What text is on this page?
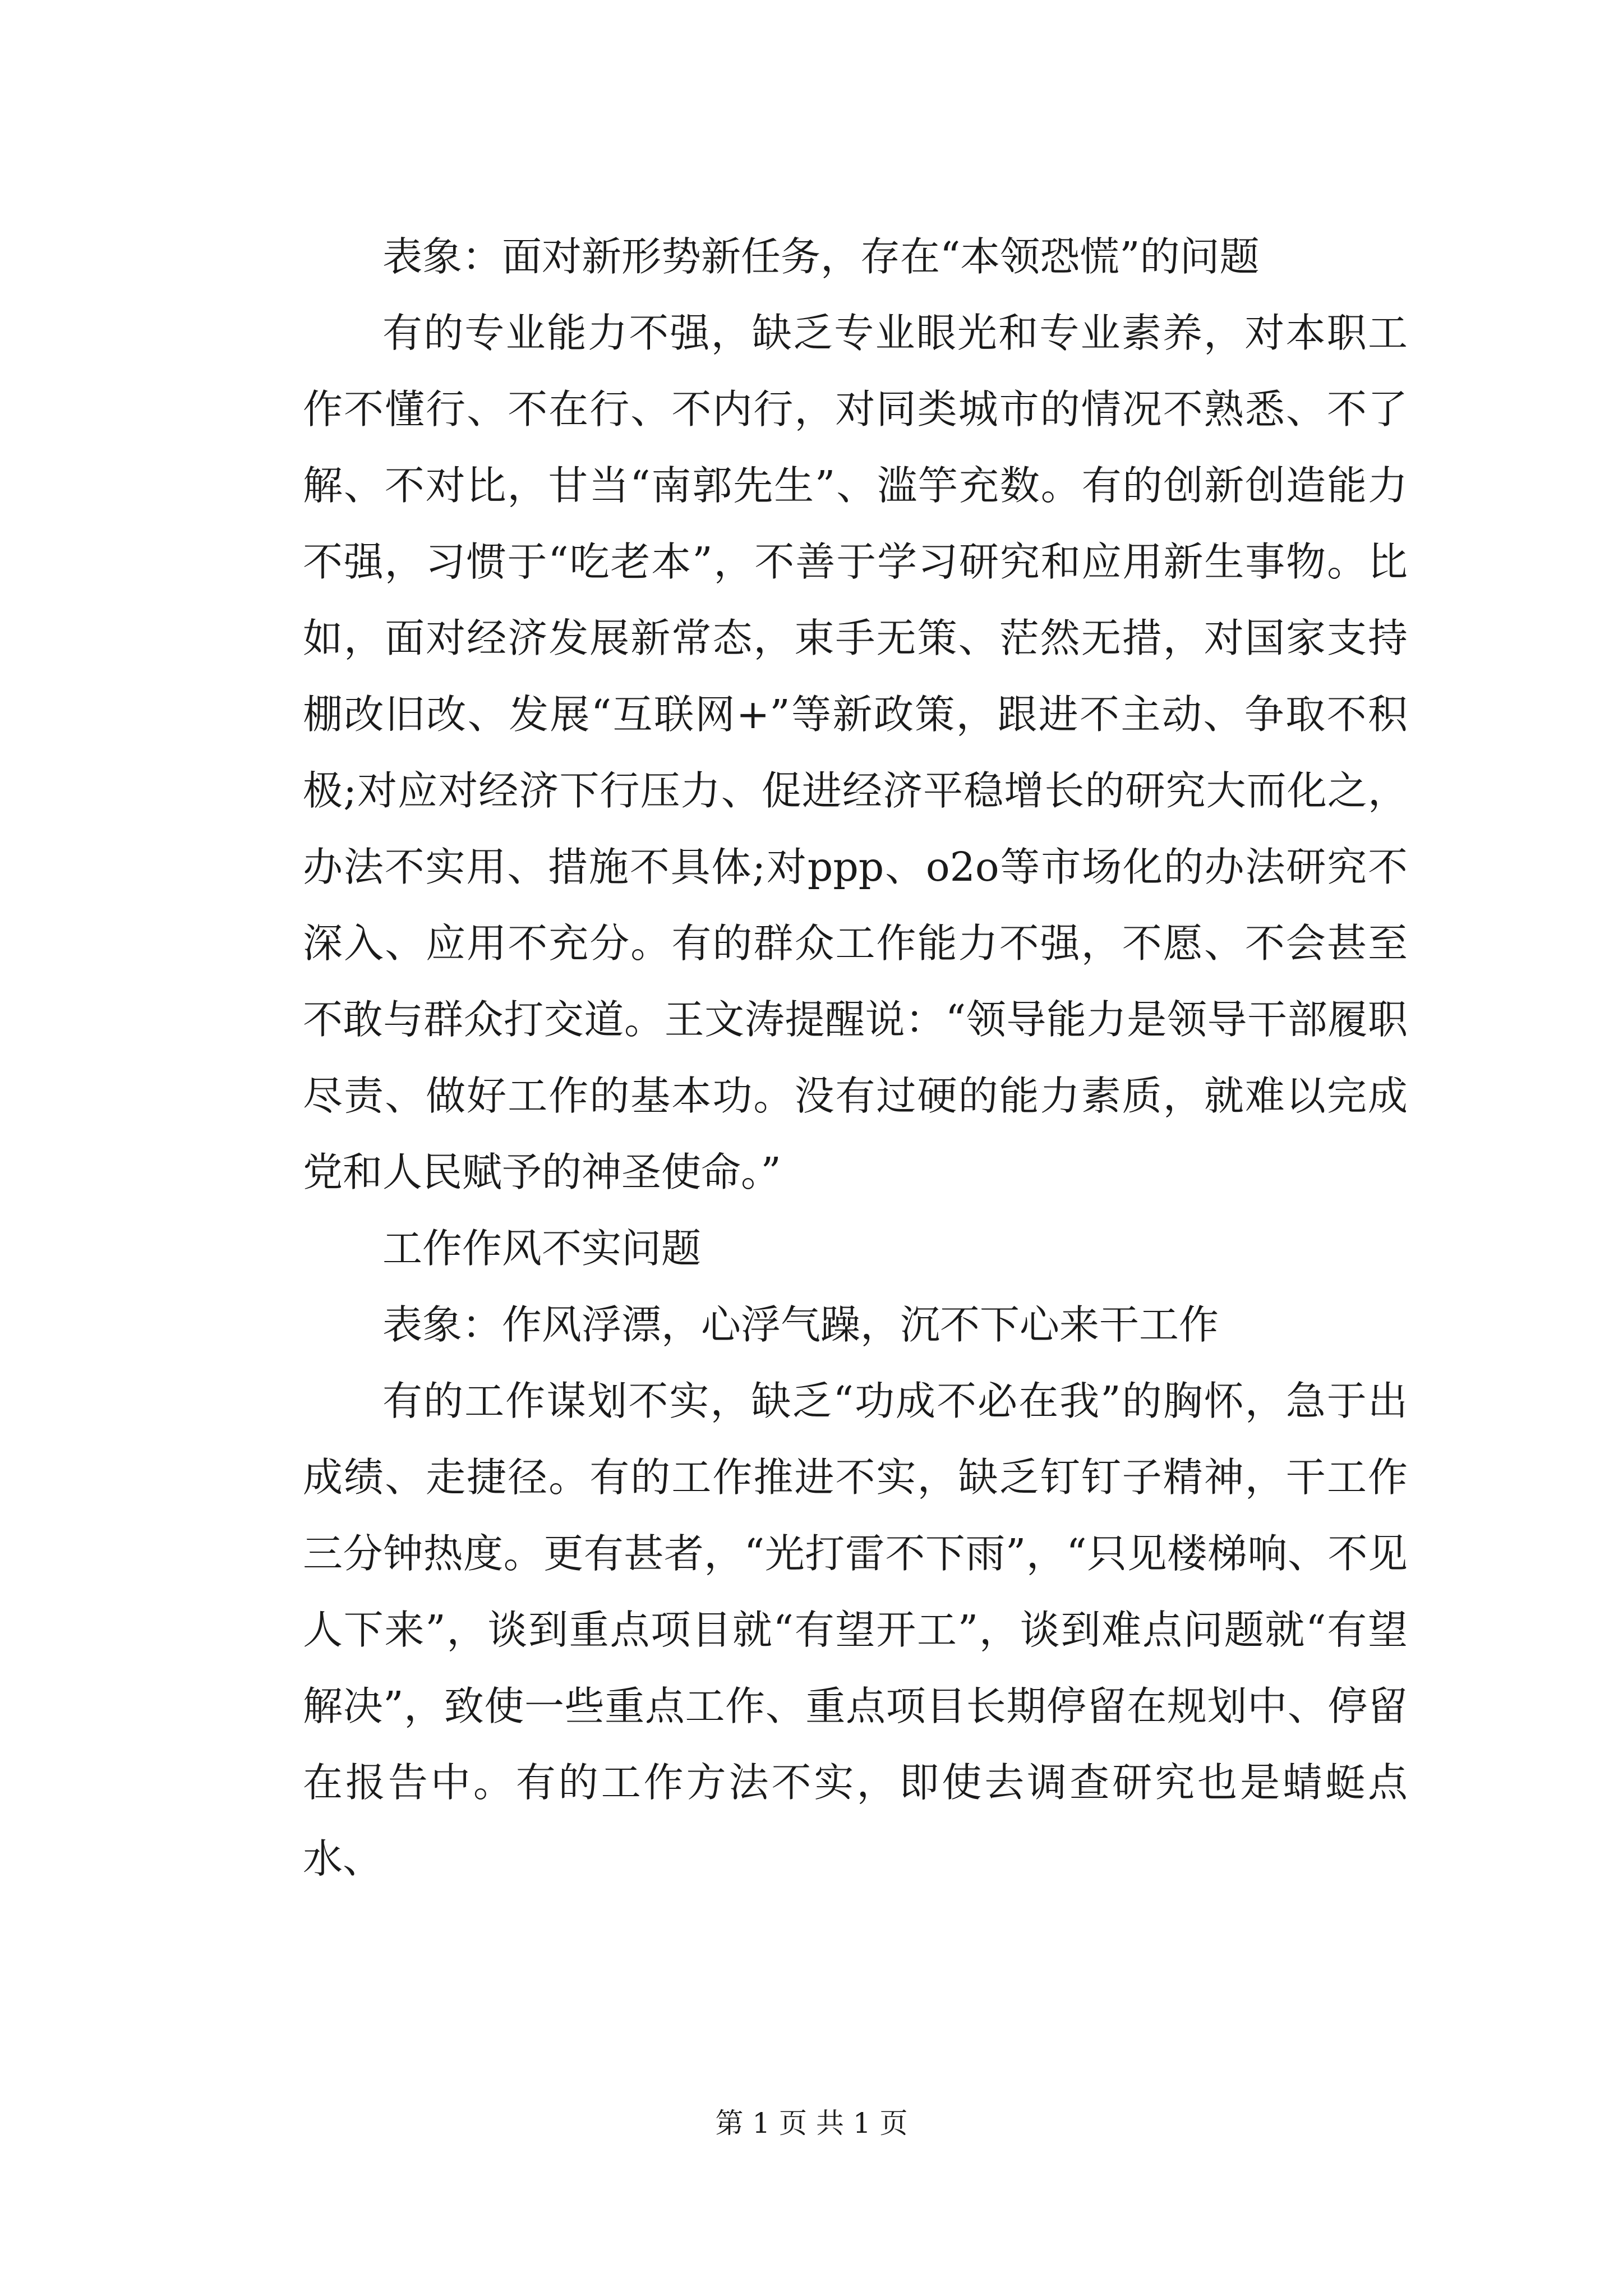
表象：面对新形势新任务，存在“本领恐慌”的问题

有的专业能力不强，缺乏专业眼光和专业素养，对本职工作不懂行、不在行、不内行，对同类城市的情况不熟悉、不了解、不对比，甘当“南郭先生”、滥竽充数。有的创新创造能力不强，习惯于“吃老本”，不善于学习研究和应用新生事物。比如，面对经济发展新常态，束手无策、茫然无措，对国家支持棚改旧改、发展“互联网+”等新政策，跟进不主动、争取不积极;对应对经济下行压力、促进经济平稳增长的研究大而化之，办法不实用、措施不具体;对ppp、o2o等市场化的办法研究不深入、应用不充分。有的群众工作能力不强，不愿、不会甚至不敢与群众打交道。王文涛提醒说：“领导能力是领导干部履职尽责、做好工作的基本功。没有过硬的能力素质，就难以完成党和人民赋予的神圣使命。”

工作作风不实问题

表象：作风浮漂，心浮气躁，沉不下心来干工作

有的工作谋划不实，缺乏“功成不必在我”的胸怀，急于出成绩、走捷径。有的工作推进不实，缺乏钉钉子精神，干工作三分钟热度。更有甚者，“光打雷不下雨”，“只见楼梯响、不见人下来”，谈到重点项目就“有望开工”，谈到难点问题就“有望解决”，致使一些重点工作、重点项目长期停留在规划中、停留在报告中。有的工作方法不实，即使去调查研究也是蜻蜓点水、

第 1 页 共 1 页
